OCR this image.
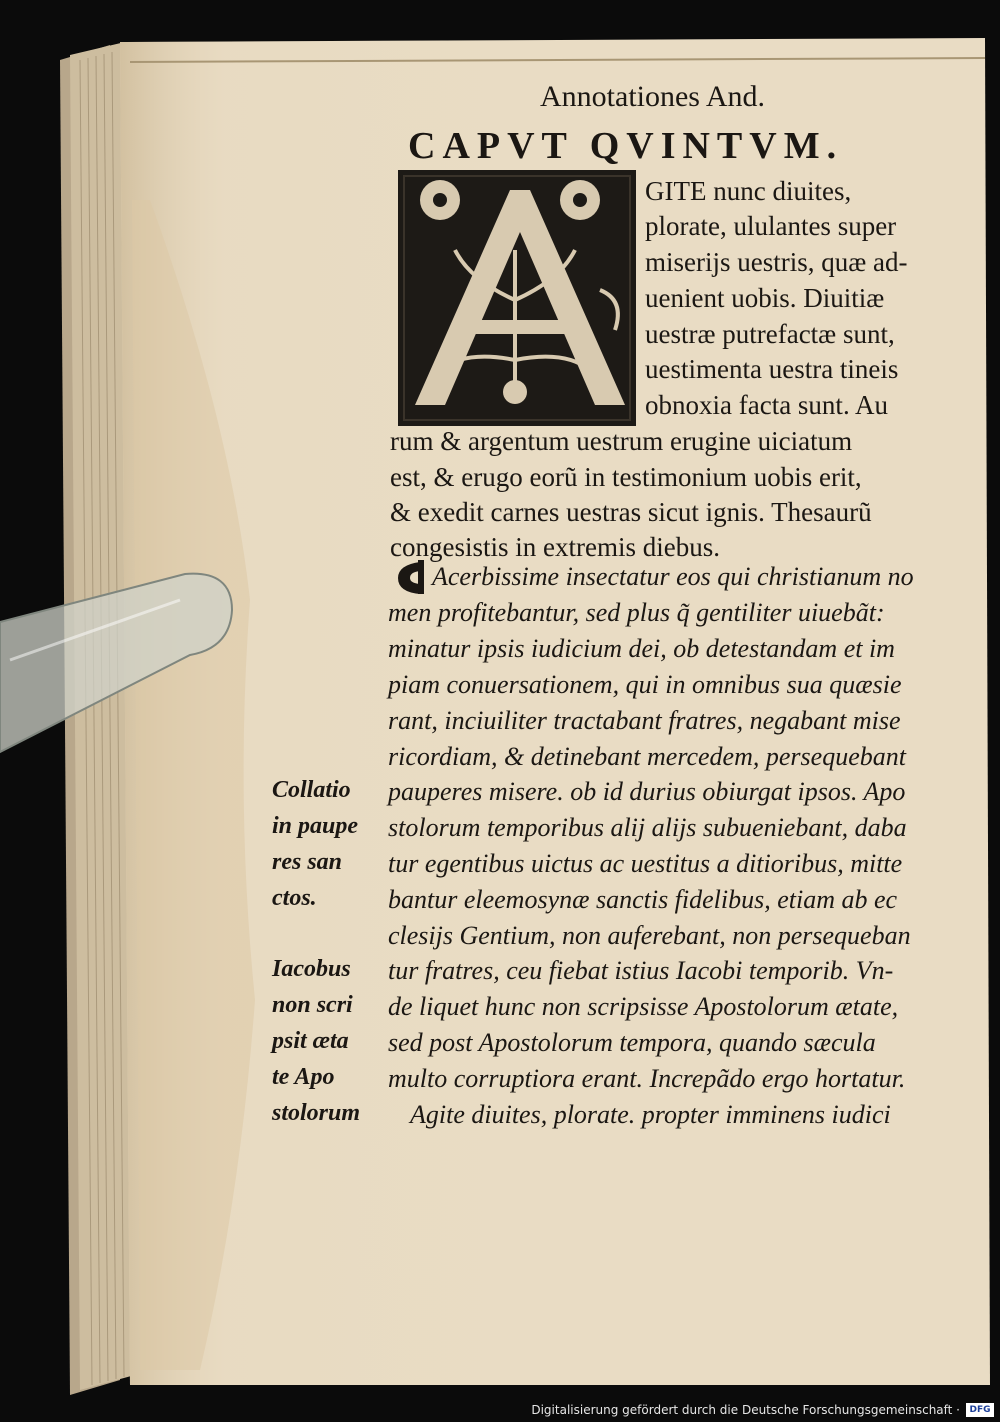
Annotationes And.
CAPVT QVINTVM.
GITE nunc diuites,
plorate, ululantes super
miserijs uestris, quæ ad-
uenient uobis. Diuitiæ
uestræ putrefactæ sunt,
uestimenta uestra tineis
obnoxia facta sunt. Au
rum & argentum uestrum erugine uiciatum
est, & erugo eorũ in testimonium uobis erit,
& exedit carnes uestras sicut ignis. Thesaurũ
congesistis in extremis diebus.
Acerbissime insectatur eos qui christianum no
men profitebantur, sed plus q̃ gentiliter uiuebãt:
minatur ipsis iudicium dei, ob detestandam et im
piam conuersationem, qui in omnibus sua quæsie
rant, inciuiliter tractabant fratres, negabant mise
ricordiam, & detinebant mercedem, persequebant
pauperes misere. ob id durius obiurgat ipsos. Apo
stolorum temporibus alij alijs subueniebant, daba
tur egentibus uictus ac uestitus a ditioribus, mitte
bantur eleemosynæ sanctis fidelibus, etiam ab ec
clesijs Gentium, non auferebant, non persequeban
tur fratres, ceu fiebat istius Iacobi temporib. Vn-
de liquet hunc non scripsisse Apostolorum ætate,
sed post Apostolorum tempora, quando sæcula
multo corruptiora erant. Increpãdo ergo hortatur.
Agite diuites, plorate. propter imminens iudici
Collatio
in paupe
res san
ctos.
Iacobus
non scri
psit æta
te Apo
stolorum
Digitalisierung gefördert durch die Deutsche Forschungsgemeinschaft ·	DFG
